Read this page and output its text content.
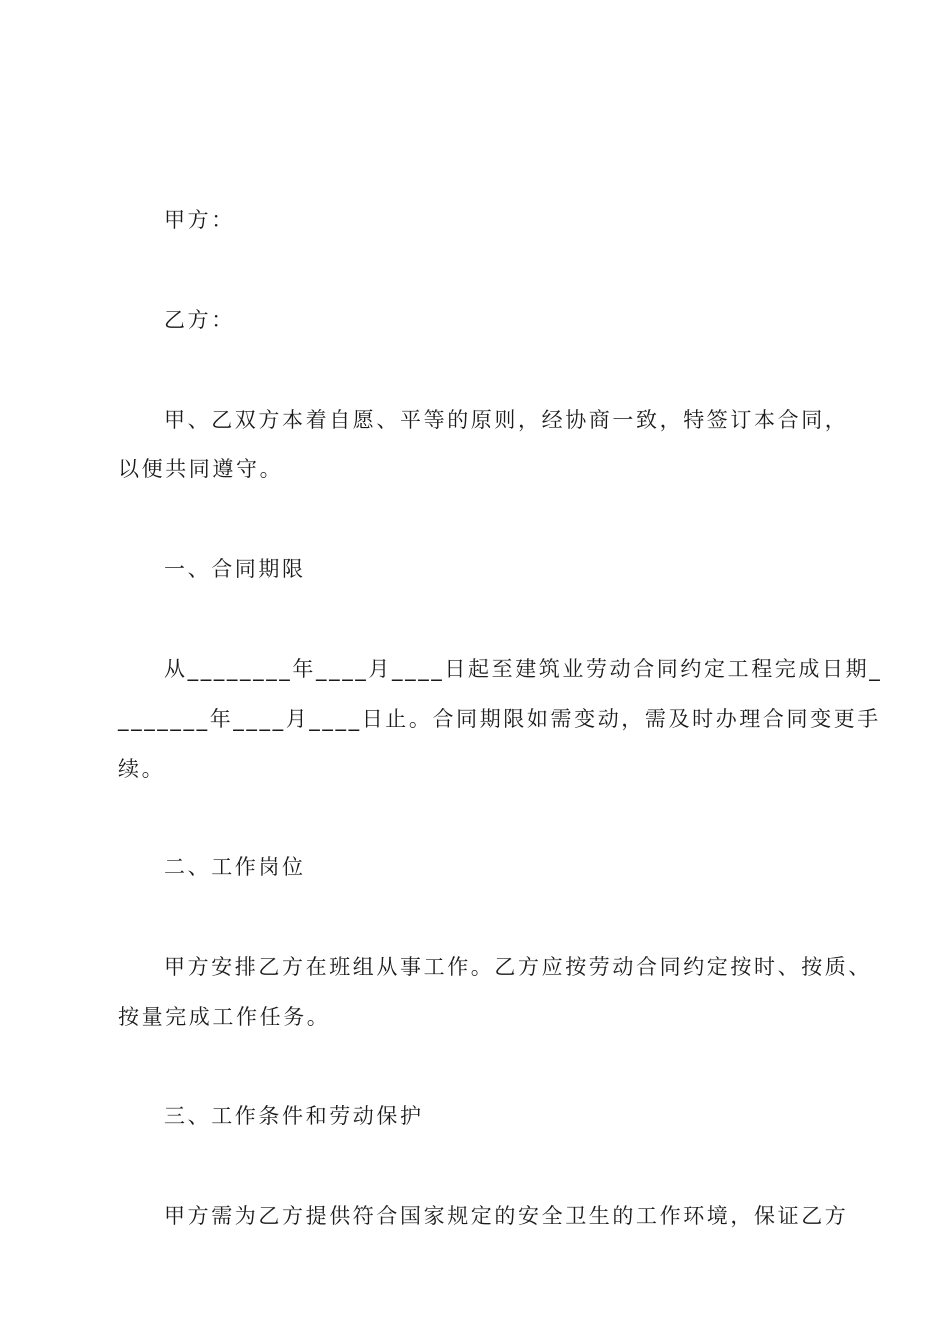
甲方：
乙方：
甲、乙双方本着自愿、平等的原则，经协商一致，特签订本合同，
以便共同遵守。
一、合同期限
从________年____月____日起至建筑业劳动合同约定工程完成日期_
_______年____月____日止。合同期限如需变动，需及时办理合同变更手
续。
二、工作岗位
甲方安排乙方在班组从事工作。乙方应按劳动合同约定按时、按质、
按量完成工作任务。
三、工作条件和劳动保护
甲方需为乙方提供符合国家规定的安全卫生的工作环境，保证乙方
